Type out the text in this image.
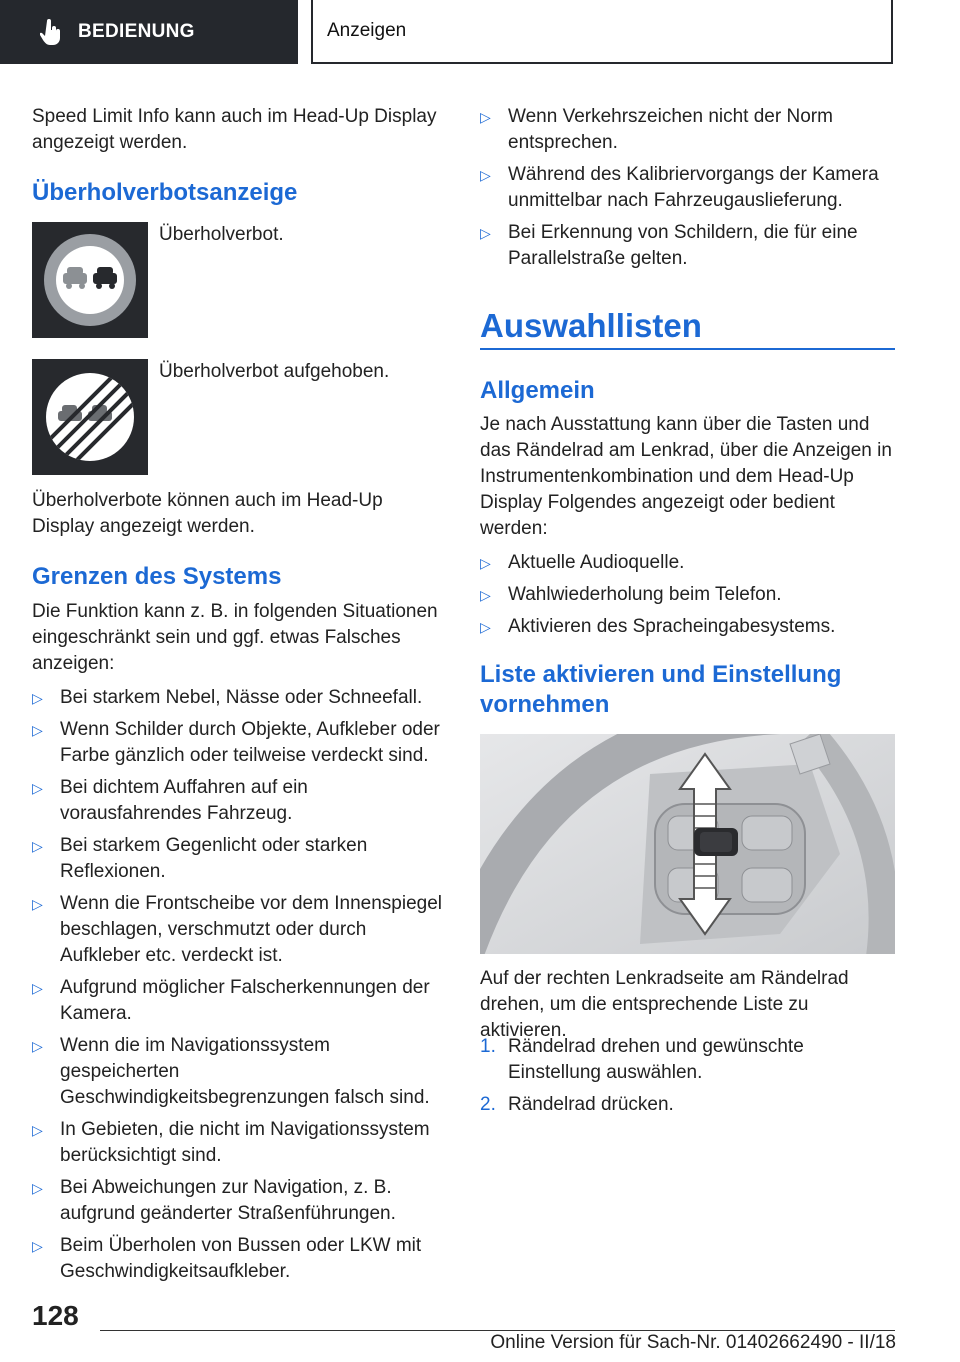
BEDIENUNG	Anzeigen

Speed Limit Info kann auch im Head-Up Display angezeigt werden.

Überholverbotsanzeige
Überholverbot.
Überholverbot aufgehoben.
Überholverbote können auch im Head-Up Display angezeigt werden.
Grenzen des Systems

Die Funktion kann z. B. in folgenden Situationen eingeschränkt sein und ggf. etwas Falsches anzeigen:

▷ Bei starkem Nebel, Nässe oder Schneefall.
▷ Wenn Schilder durch Objekte, Aufkleber oder Farbe gänzlich oder teilweise verdeckt sind.
▷ Bei dichtem Auffahren auf ein vorausfahrendes Fahrzeug.
▷ Bei starkem Gegenlicht oder starken Reflexionen.
▷ Wenn die Frontscheibe vor dem Innenspiegel beschlagen, verschmutzt oder durch Aufkleber etc. verdeckt ist.
▷ Aufgrund möglicher Falscherkennungen der Kamera.
▷ Wenn die im Navigationssystem gespeicherten Geschwindigkeitsbegrenzungen falsch sind.
▷ In Gebieten, die nicht im Navigationssystem berücksichtigt sind.
▷ Bei Abweichungen zur Navigation, z. B. aufgrund geänderter Straßenführungen.
▷ Beim Überholen von Bussen oder LKW mit Geschwindigkeitsaufkleber.
▷ Wenn Verkehrszeichen nicht der Norm entsprechen.
▷ Während des Kalibriervorgangs der Kamera unmittelbar nach Fahrzeugauslieferung.
▷ Bei Erkennung von Schildern, die für eine Parallelstraße gelten.
Auswahllisten
Allgemein

Je nach Ausstattung kann über die Tasten und das Rändelrad am Lenkrad, über die Anzeigen in Instrumentenkombination und dem Head-Up Display Folgendes angezeigt oder bedient werden:

▷ Aktuelle Audioquelle.
▷ Wahlwiederholung beim Telefon.
▷ Aktivieren des Spracheingabesystems.
Liste aktivieren und Einstellung
vornehmen
Auf der rechten Lenkradseite am Rändelrad drehen, um die entsprechende Liste zu aktivieren.
1. Rändelrad drehen und gewünschte Einstellung auswählen.
2. Rändelrad drücken.
128
Online Version für Sach-Nr. 01402662490 - II/18
